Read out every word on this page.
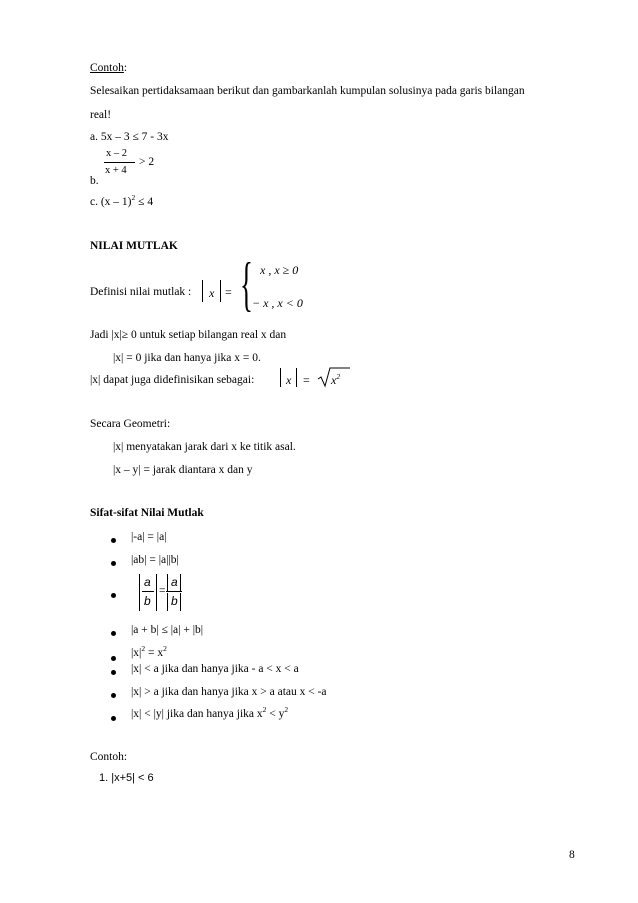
Contoh:
Selesaikan pertidaksamaan berikut dan gambarkanlah kumpulan solusinya pada garis bilangan
real!
a. 5x – 3 ≤ 7 - 3x
x – 2
x + 4
> 2
b.
c. (x – 1)$^2$ ≤ 4
NILAI MUTLAK
Definisi nilai mutlak : x = { x , x ≥ 0
− x , x < 0
Jadi |x|≥ 0 untuk setiap bilangan real x dan
|x| = 0 jika dan hanya jika x = 0.
|x| dapat juga didefinisikan sebagai:	$x = x^2$
Secara Geometri:
|x| menyatakan jarak dari x ke titik asal.
|x – y| = jarak diantara x dan y
Sifat-sifat Nilai Mutlak
|-a| = |a|
|ab| = |a||b|
a
b
=
a
b
|a + b| ≤ |a| + |b|
$|x|^2 = x^2$
|x| < a jika dan hanya jika - a < x < a
|x| > a jika dan hanya jika x > a atau x < -a
|x| < |y| jika dan hanya jika $x^2 < y^2$
Contoh:
1. |x+5| < 6
8
